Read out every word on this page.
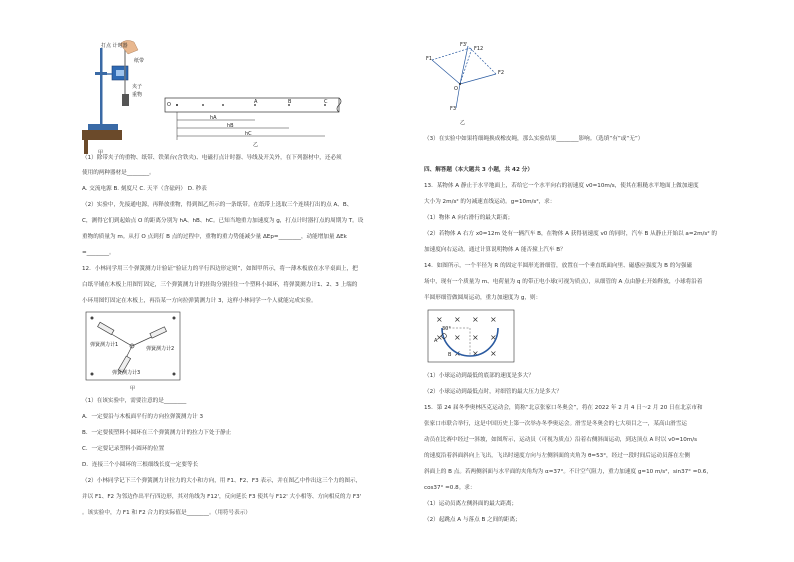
打点 计时器
纸带
夹子
重物
甲
O	A	B	C
hA
hB
hC
乙
（1）除带夹子的重物、纸带、铁架台(含铁夹)、电磁打点计时器、导线及开关外，在下列器材中，还必须
使用的两种器材是________。
A. 交流电源 B. 刻度尺 C. 天平（含砝码） D. 秒表
（2）实验中，先接通电源，再释放重物，得到图乙所示的一条纸带。在纸带上选取三个连续打出的点 A、B、
C，测得它们到起始点 O 的距离分别为 hA、hB、hC。已知当地重力加速度为 g，打点计时器打点的周期为 T。设
重物的质量为 m。从打 O 点到打 B 点的过程中，重物的重力势能减少量 ΔEp=________，动能增加量 ΔEk
=________。
12．小林同学用三个弹簧测力计验证“验证力的平行四边形定则”，如图甲所示，将一薄木板放在水平桌面上，把
白纸平铺在木板上用图钉固定，三个弹簧测力计的挂钩分别挂住一个塑料小圆环，将弹簧测力计1、2、3 上端的
小环用图钉固定在木板上，再沿某一方向拉弹簧测力计 3，这样小林同学一个人就能完成实验。
弹簧测力计1
弹簧测力计2
弹簧测力计3
甲
（1）在该实验中，需要注意的是________
A．一定要沿与木板面平行的方向拉弹簧测力计 3
B．一定要使塑料小圆环在三个弹簧测力计的拉力下处于静止
C．一定要记录塑料小圆环的位置
D．连接三个小圆环的三根细线长度一定要等长
（2）小林同学记下三个弹簧测力计拉力的大小和方向，用 F1、F2、F3 表示，并在图乙中作出这三个力的图示，
并以 F1、F2 为邻边作出平行四边形，其对角线为 F12'，反向延长 F3 使其与 F12' 大小相等、方向相反的力 F3'
。该实验中，力 F1 和 F2 合力的实际值是________。（用符号表示）
O
F1
F2
F3
F3'
F12
乙
（3）在实验中如果将细绳换成橡皮绳，那么实验结果________影响。（选填“有”或“无”）
四、解答题（本大题共 3 小题，共 42 分）
13．某物体 A 静止于水平地面上，若给它一个水平向右的初速度 v0=10m/s，使其在粗糙水平地面上做加速度
大小为 2m/s² 的匀减速直线运动。g=10m/s²，求：
（1）物体 A 向右滑行的最大距离；
（2）若物体 A 右方 x0=12m 处有一辆汽车 B，在物体 A 获得初速度 v0 的同时，汽车 B 从静止开始以 a=2m/s² 的
加速度向右运动，通过计算说明物体 A 能否撞上汽车 B？
14．如图所示，一个半径为 R 的固定半圆形光滑细管，放置在一个垂直纸面向里、磁感应强度为 B 的匀强磁
场中，现有一个质量为 m、电荷量为 q 的带正电小球(可视为质点），从细管的 A 点由静止开始释放，小球将沿着
半圆形细管做圆周运动，重力加速度为 g，则：
× × × ×
× × × ×
× × ×
30°
A
B
（1）小球运动到最低的底部的速度是多大？
（2）小球运动到最低点时，对细管的最大压力是多大？
15．第 24 届冬季奥林匹克运动会，简称“北京张家口冬奥会”，将在 2022 年 2 月 4 日～2 月 20 日在北京市和
张家口市联合举行，这是中国历史上第一次举办冬季奥运会。滑雪是冬奥会的七大项目之一，某高山滑雪运
动员在比赛中经过一斜坡，如图所示，运动员（可视为质点）沿着右侧斜面运动，到达顶点 A 时以 v0=10m/s
的速度沿着斜面斜向上飞出，飞出时速度方向与左侧斜面的夹角为 θ=53°，经过一段时间后运动员落在左侧
斜面上的 B 点。若两侧斜面与水平面的夹角均为 α=37°。不计空气阻力，重力加速度 g=10 m/s²，sin37° =0.6，
cos37° =0.8。求：
（1）运动员离左侧斜面的最大距离；
（2）起跳点 A 与落点 B 之间的距离；
